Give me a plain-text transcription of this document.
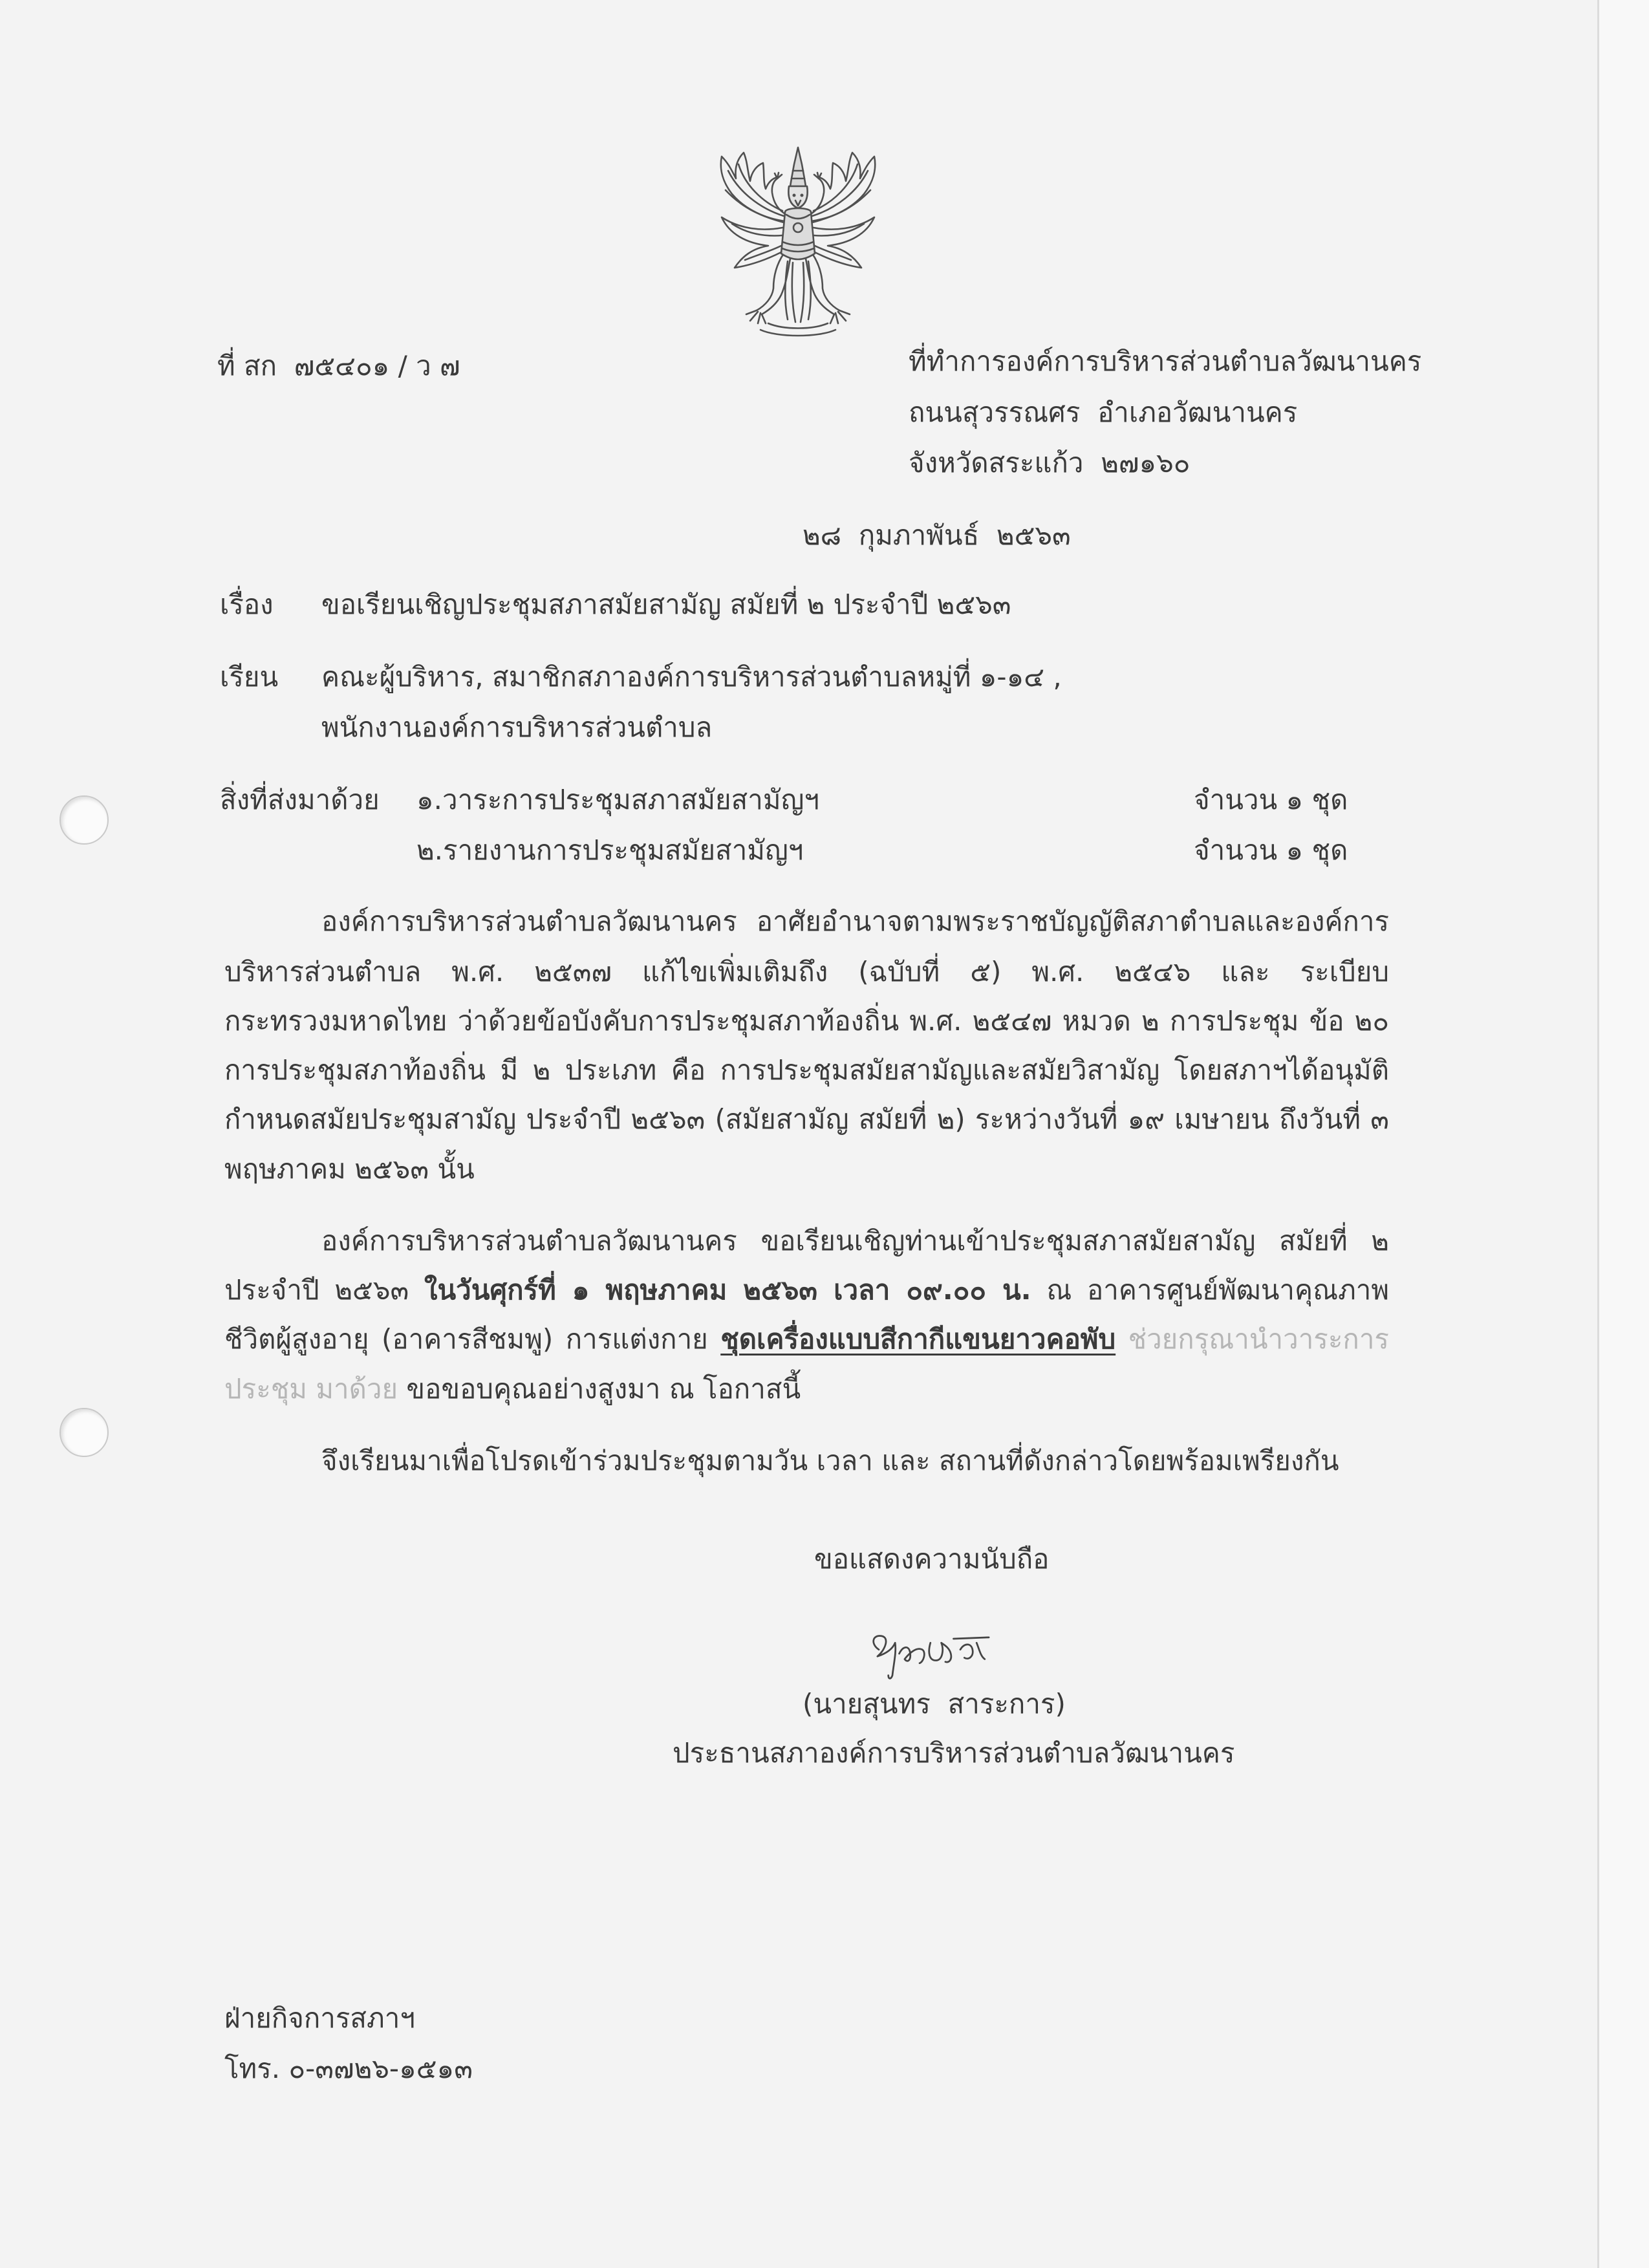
ที่ สก  ๗๕๔๐๑ / ว ๗	ที่ทำการองค์การบริหารส่วนตำบลวัฒนานคร
ถนนสุวรรณศร  อำเภอวัฒนานคร
จังหวัดสระแก้ว  ๒๗๑๖๐
๒๘  กุมภาพันธ์  ๒๕๖๓
เรื่อง ขอเรียนเชิญประชุมสภาสมัยสามัญ สมัยที่ ๒ ประจำปี ๒๕๖๓
เรียน คณะผู้บริหาร, สมาชิกสภาองค์การบริหารส่วนตำบลหมู่ที่ ๑-๑๔ ,
พนักงานองค์การบริหารส่วนตำบล
สิ่งที่ส่งมาด้วย ๑.วาระการประชุมสภาสมัยสามัญฯ	จำนวน ๑ ชุด
๒.รายงานการประชุมสมัยสามัญฯ	จำนวน ๑ ชุด
องค์การบริหารส่วนตำบลวัฒนานคร อาศัยอำนาจตามพระราชบัญญัติสภาตำบลและองค์การ
บริหารส่วนตำบล พ.ศ. ๒๕๓๗ แก้ไขเพิ่มเติมถึง (ฉบับที่ ๕) พ.ศ. ๒๕๔๖ และ ระเบียบ
กระทรวงมหาดไทย ว่าด้วยข้อบังคับการประชุมสภาท้องถิ่น พ.ศ. ๒๕๔๗ หมวด ๒ การประชุม ข้อ ๒๐
การประชุมสภาท้องถิ่น มี ๒ ประเภท คือ การประชุมสมัยสามัญและสมัยวิสามัญ โดยสภาฯได้อนุมัติ
กำหนดสมัยประชุมสามัญ ประจำปี ๒๕๖๓ (สมัยสามัญ สมัยที่ ๒) ระหว่างวันที่ ๑๙ เมษายน ถึงวันที่ ๓
พฤษภาคม ๒๕๖๓ นั้น
องค์การบริหารส่วนตำบลวัฒนานคร ขอเรียนเชิญท่านเข้าประชุมสภาสมัยสามัญ สมัยที่ ๒
ประจำปี ๒๕๖๓ ในวันศุกร์ที่ ๑ พฤษภาคม ๒๕๖๓ เวลา ๐๙.๐๐ น. ณ อาคารศูนย์พัฒนาคุณภาพ
ชีวิตผู้สูงอายุ (อาคารสีชมพู) การแต่งกาย ชุดเครื่องแบบสีกากีแขนยาวคอพับ ช่วยกรุณานำวาระการ
ประชุม มาด้วย ขอขอบคุณอย่างสูงมา ณ โอกาสนี้
จึงเรียนมาเพื่อโปรดเข้าร่วมประชุมตามวัน เวลา และ สถานที่ดังกล่าวโดยพร้อมเพรียงกัน
ขอแสดงความนับถือ
(นายสุนทร  สาระการ)
ประธานสภาองค์การบริหารส่วนตำบลวัฒนานคร
ฝ่ายกิจการสภาฯ
โทร. ๐-๓๗๒๖-๑๕๑๓
